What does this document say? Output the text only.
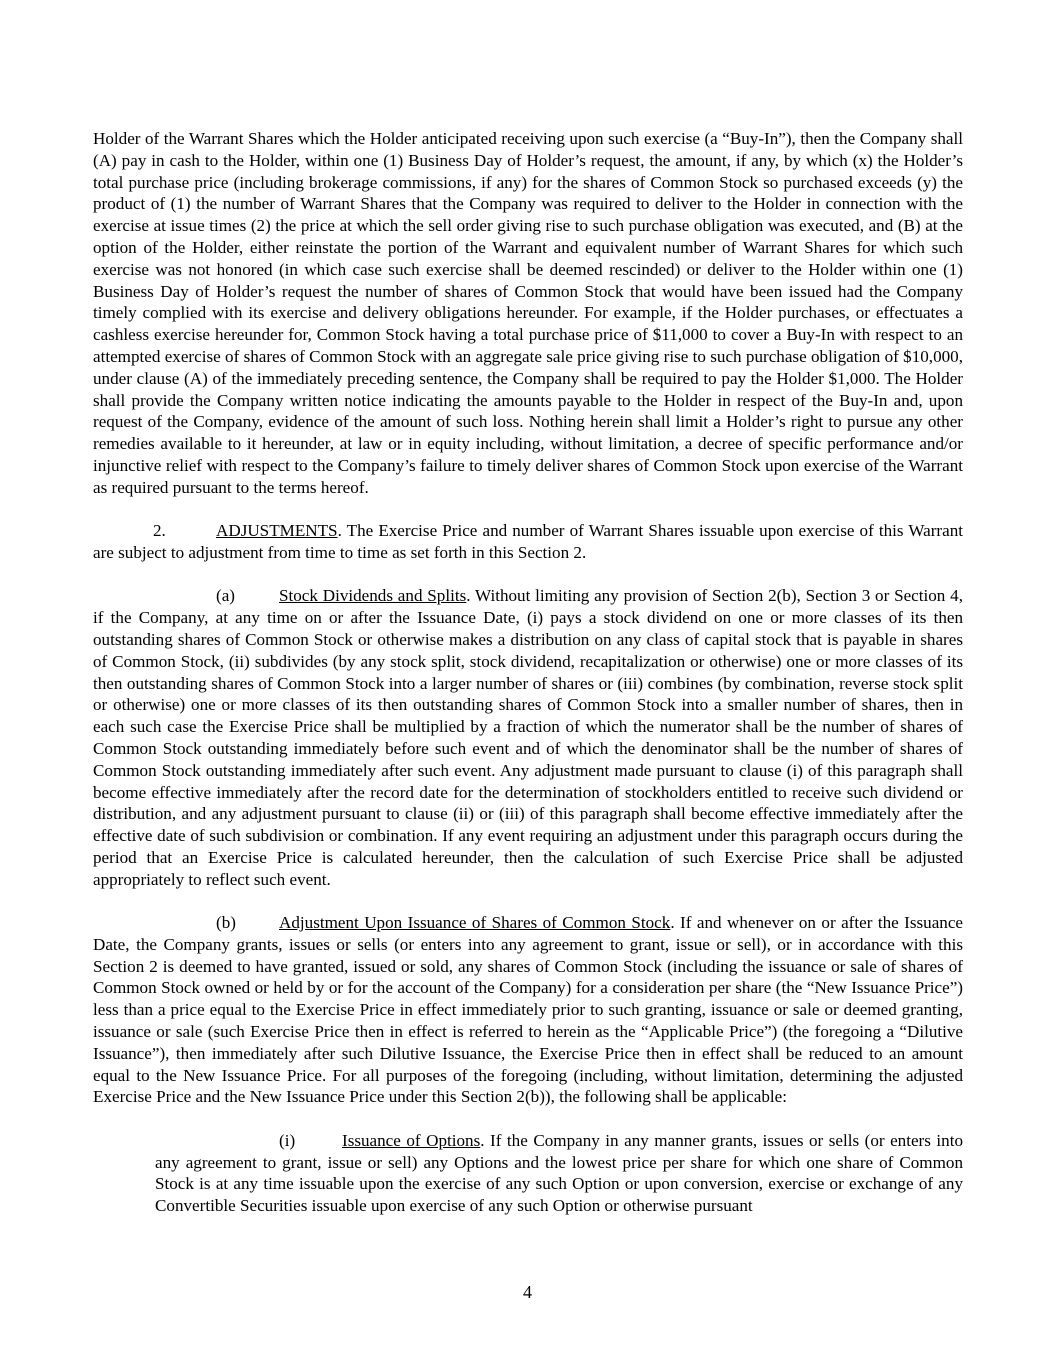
Holder of the Warrant Shares which the Holder anticipated receiving upon such exercise (a “Buy-In”), then the Company shall (A) pay in cash to the Holder, within one (1) Business Day of Holder’s request, the amount, if any, by which (x) the Holder’s total purchase price (including brokerage commissions, if any) for the shares of Common Stock so purchased exceeds (y) the product of (1) the number of Warrant Shares that the Company was required to deliver to the Holder in connection with the exercise at issue times (2) the price at which the sell order giving rise to such purchase obligation was executed, and (B) at the option of the Holder, either reinstate the portion of the Warrant and equivalent number of Warrant Shares for which such exercise was not honored (in which case such exercise shall be deemed rescinded) or deliver to the Holder within one (1) Business Day of Holder’s request the number of shares of Common Stock that would have been issued had the Company timely complied with its exercise and delivery obligations hereunder. For example, if the Holder purchases, or effectuates a cashless exercise hereunder for, Common Stock having a total purchase price of $11,000 to cover a Buy-In with respect to an attempted exercise of shares of Common Stock with an aggregate sale price giving rise to such purchase obligation of $10,000, under clause (A) of the immediately preceding sentence, the Company shall be required to pay the Holder $1,000. The Holder shall provide the Company written notice indicating the amounts payable to the Holder in respect of the Buy-In and, upon request of the Company, evidence of the amount of such loss. Nothing herein shall limit a Holder’s right to pursue any other remedies available to it hereunder, at law or in equity including, without limitation, a decree of specific performance and/or injunctive relief with respect to the Company’s failure to timely deliver shares of Common Stock upon exercise of the Warrant as required pursuant to the terms hereof.

2.	ADJUSTMENTS. The Exercise Price and number of Warrant Shares issuable upon exercise of this Warrant are subject to adjustment from time to time as set forth in this Section 2.

(a)	Stock Dividends and Splits. Without limiting any provision of Section 2(b), Section 3 or Section 4, if the Company, at any time on or after the Issuance Date, (i) pays a stock dividend on one or more classes of its then outstanding shares of Common Stock or otherwise makes a distribution on any class of capital stock that is payable in shares of Common Stock, (ii) subdivides (by any stock split, stock dividend, recapitalization or otherwise) one or more classes of its then outstanding shares of Common Stock into a larger number of shares or (iii) combines (by combination, reverse stock split or otherwise) one or more classes of its then outstanding shares of Common Stock into a smaller number of shares, then in each such case the Exercise Price shall be multiplied by a fraction of which the numerator shall be the number of shares of Common Stock outstanding immediately before such event and of which the denominator shall be the number of shares of Common Stock outstanding immediately after such event. Any adjustment made pursuant to clause (i) of this paragraph shall become effective immediately after the record date for the determination of stockholders entitled to receive such dividend or distribution, and any adjustment pursuant to clause (ii) or (iii) of this paragraph shall become effective immediately after the effective date of such subdivision or combination. If any event requiring an adjustment under this paragraph occurs during the period that an Exercise Price is calculated hereunder, then the calculation of such Exercise Price shall be adjusted appropriately to reflect such event.

(b)	Adjustment Upon Issuance of Shares of Common Stock. If and whenever on or after the Issuance Date, the Company grants, issues or sells (or enters into any agreement to grant, issue or sell), or in accordance with this Section 2 is deemed to have granted, issued or sold, any shares of Common Stock (including the issuance or sale of shares of Common Stock owned or held by or for the account of the Company) for a consideration per share (the “New Issuance Price”) less than a price equal to the Exercise Price in effect immediately prior to such granting, issuance or sale or deemed granting, issuance or sale (such Exercise Price then in effect is referred to herein as the “Applicable Price”) (the foregoing a “Dilutive Issuance”), then immediately after such Dilutive Issuance, the Exercise Price then in effect shall be reduced to an amount equal to the New Issuance Price. For all purposes of the foregoing (including, without limitation, determining the adjusted Exercise Price and the New Issuance Price under this Section 2(b)), the following shall be applicable:

(i)	Issuance of Options. If the Company in any manner grants, issues or sells (or enters into any agreement to grant, issue or sell) any Options and the lowest price per share for which one share of Common Stock is at any time issuable upon the exercise of any such Option or upon conversion, exercise or exchange of any Convertible Securities issuable upon exercise of any such Option or otherwise pursuant

4
